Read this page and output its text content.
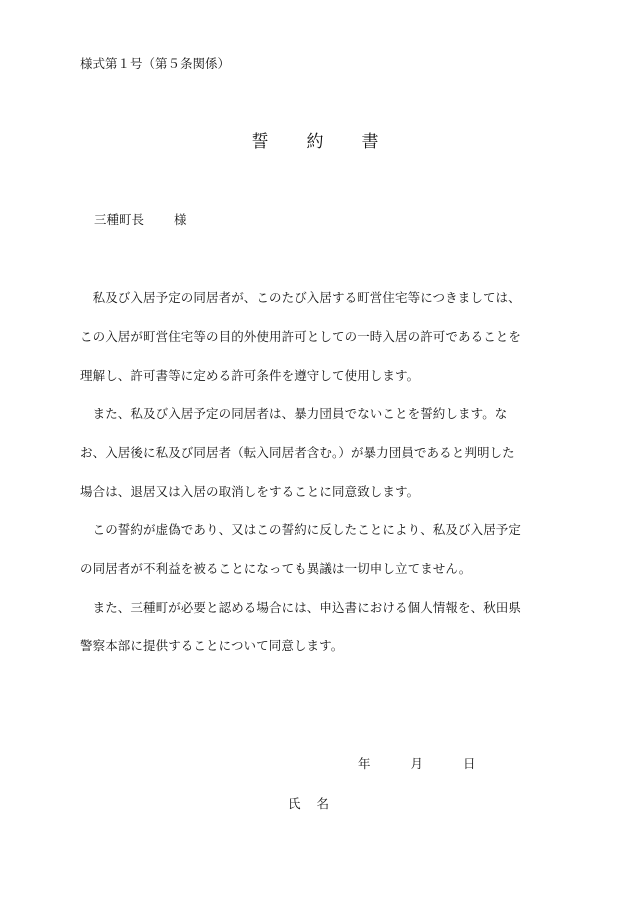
様式第１号（第５条関係）
誓 約 書
三種町長 様
　私及び入居予定の同居者が、このたび入居する町営住宅等につきましては、
この入居が町営住宅等の目的外使用許可としての一時入居の許可であることを
理解し、許可書等に定める許可条件を遵守して使用します。
　また、私及び入居予定の同居者は、暴力団員でないことを誓約します。な
お、入居後に私及び同居者（転入同居者含む。）が暴力団員であると判明した
場合は、退居又は入居の取消しをすることに同意致します。
　この誓約が虚偽であり、又はこの誓約に反したことにより、私及び入居予定
の同居者が不利益を被ることになっても異議は一切申し立てません。
　また、三種町が必要と認める場合には、申込書における個人情報を、秋田県
警察本部に提供することについて同意します。
年	月	日
氏 名
